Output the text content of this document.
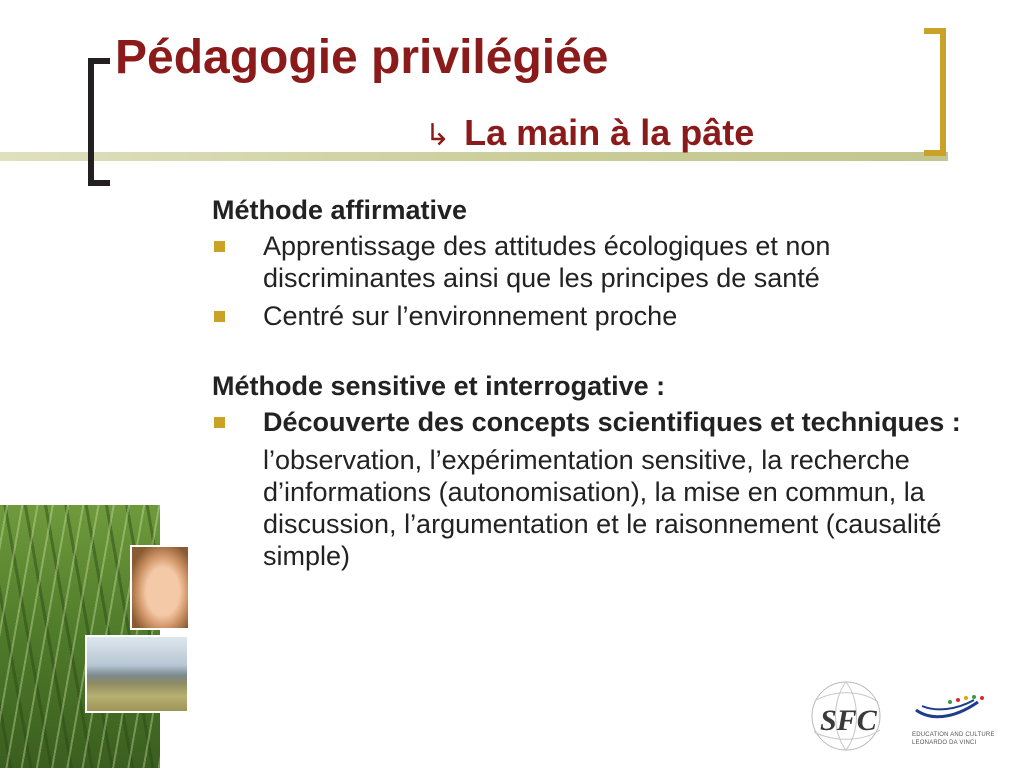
Pédagogie privilégiée
↳ La main à la pâte

Méthode affirmative

Apprentissage des attitudes écologiques et non discriminantes ainsi que les principes de santé
Centré sur l’environnement proche

Méthode sensitive et interrogative :

Découverte des concepts scientifiques et techniques :

l’observation, l’expérimentation sensitive, la recherche d’informations (autonomisation), la mise en commun, la discussion, l’argumentation et le raisonnement (causalité simple)

SFC	EDUCATION AND CULTURE
LEONARDO DA VINCI
